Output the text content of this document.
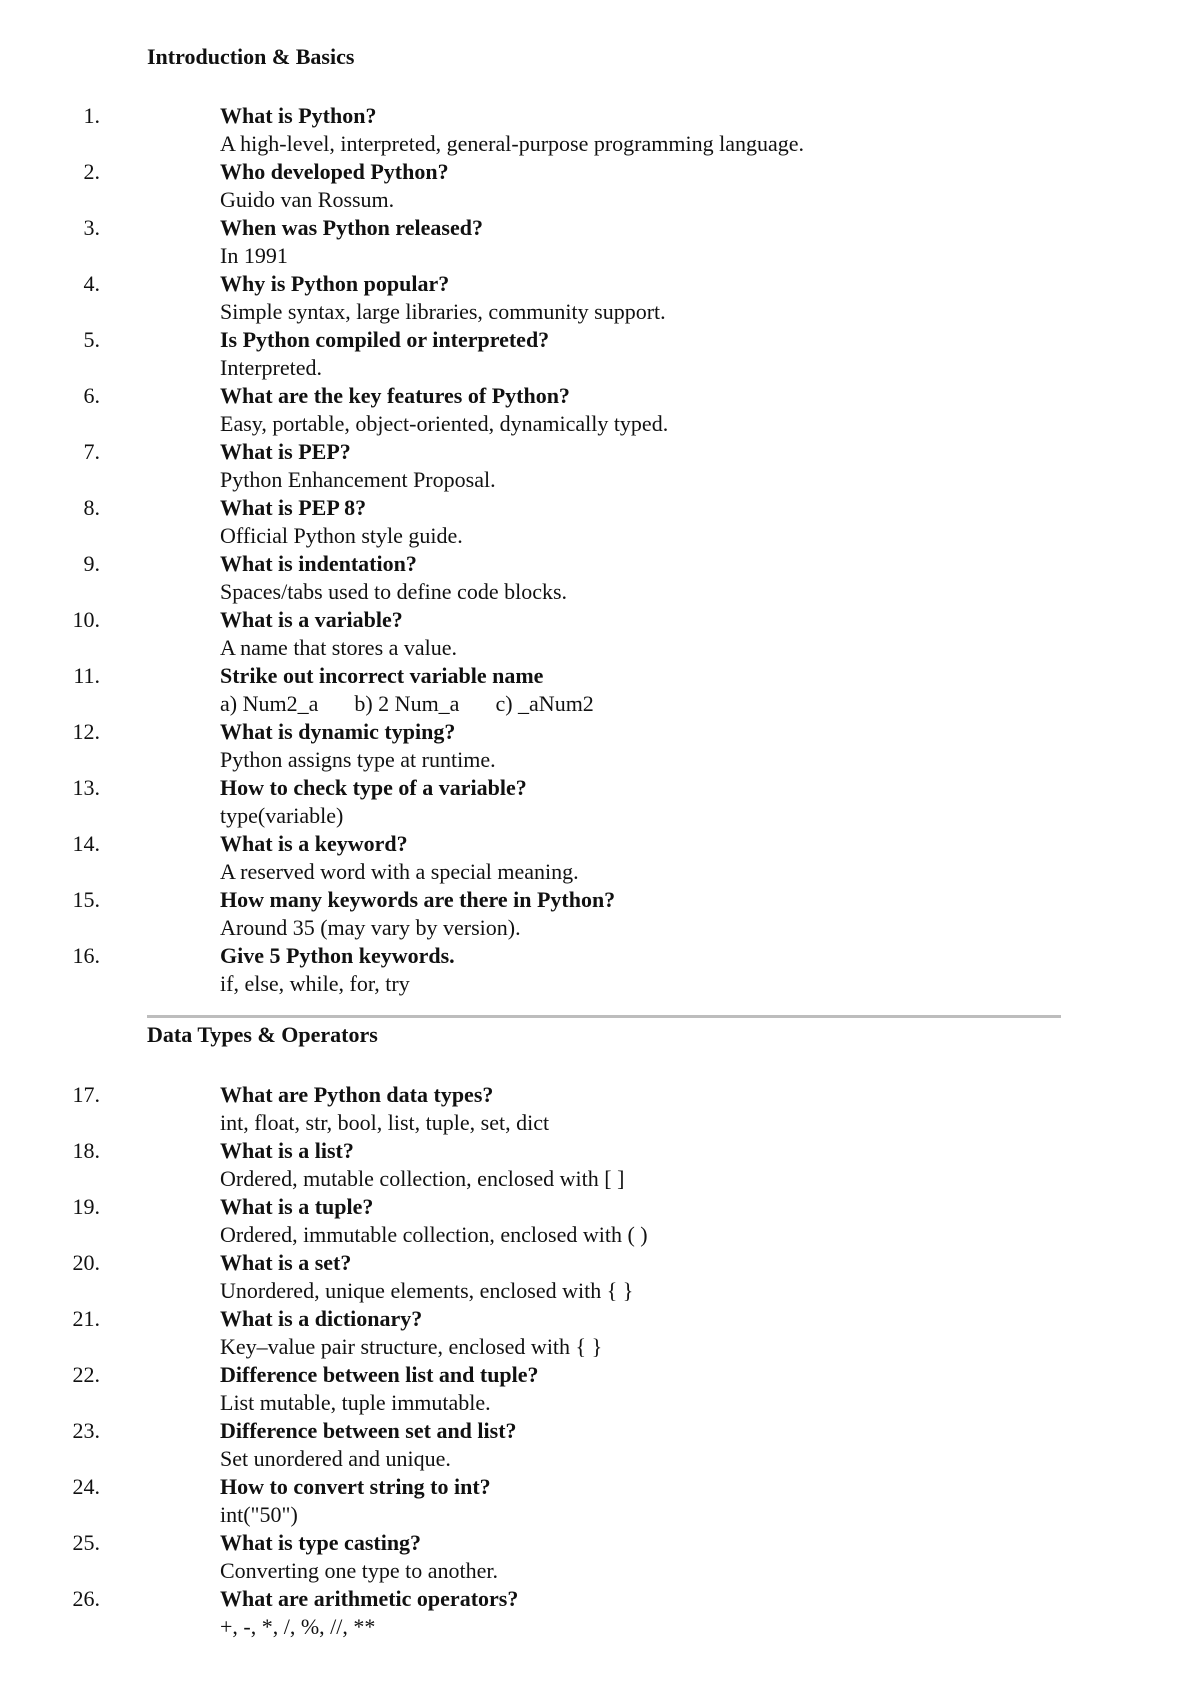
Introduction & Basics
1.	What is Python?
A high-level, interpreted, general-purpose programming language.
2.	Who developed Python?
Guido van Rossum.
3.	When was Python released?
In 1991
4.	Why is Python popular?
Simple syntax, large libraries, community support.
5.	Is Python compiled or interpreted?
Interpreted.
6.	What are the key features of Python?
Easy, portable, object-oriented, dynamically typed.
7.	What is PEP?
Python Enhancement Proposal.
8.	What is PEP 8?
Official Python style guide.
9.	What is indentation?
Spaces/tabs used to define code blocks.
10.	What is a variable?
A name that stores a value.
11.	Strike out incorrect variable name
a) Num2_a b) 2 Num_a c) _aNum2
12.	What is dynamic typing?
Python assigns type at runtime.
13.	How to check type of a variable?
type(variable)
14.	What is a keyword?
A reserved word with a special meaning.
15.	How many keywords are there in Python?
Around 35 (may vary by version).
16.	Give 5 Python keywords.
if, else, while, for, try
Data Types & Operators
17.	What are Python data types?
int, float, str, bool, list, tuple, set, dict
18.	What is a list?
Ordered, mutable collection, enclosed with [ ]
19.	What is a tuple?
Ordered, immutable collection, enclosed with ( )
20.	What is a set?
Unordered, unique elements, enclosed with { }
21.	What is a dictionary?
Key–value pair structure, enclosed with { }
22.	Difference between list and tuple?
List mutable, tuple immutable.
23.	Difference between set and list?
Set unordered and unique.
24.	How to convert string to int?
int("50")
25.	What is type casting?
Converting one type to another.
26.	What are arithmetic operators?
+, -, *, /, %, //, **
